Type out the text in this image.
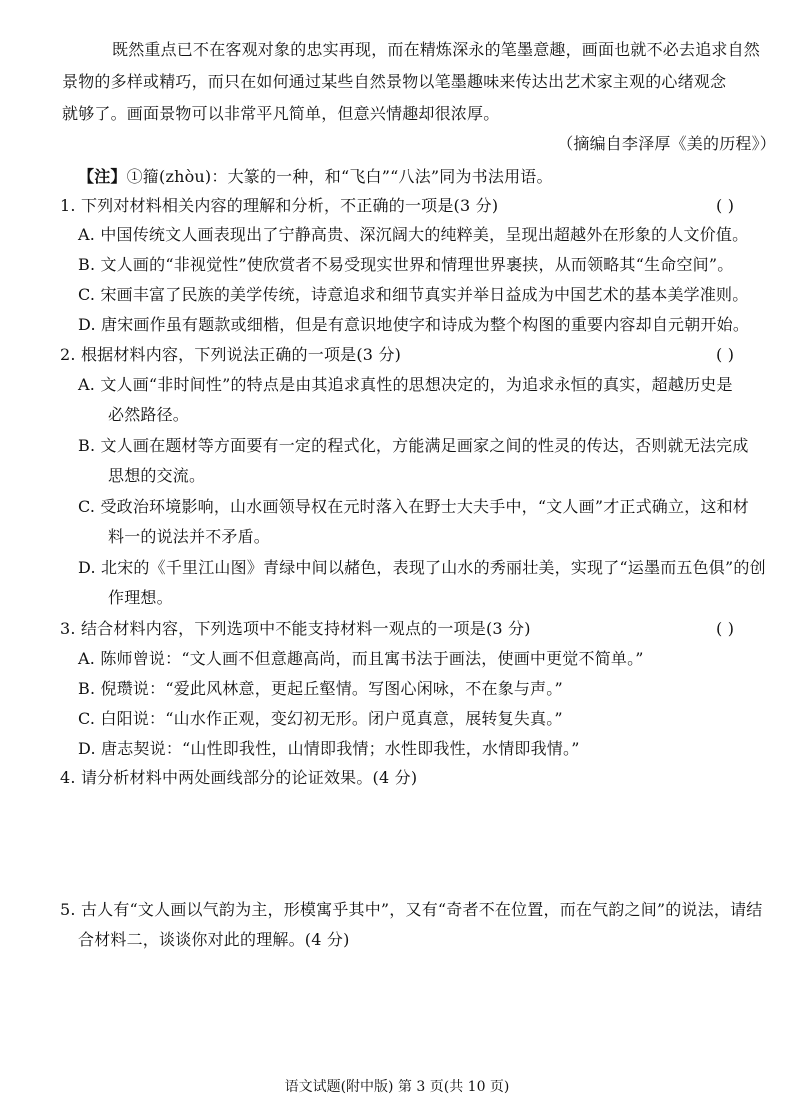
既然重点已不在客观对象的忠实再现，而在精炼深永的笔墨意趣，画面也就不必去追求自然
景物的多样或精巧，而只在如何通过某些自然景物以笔墨趣味来传达出艺术家主观的心绪观念
就够了。画面景物可以非常平凡简单，但意兴情趣却很浓厚。
（摘编自李泽厚《美的历程》）
【注】①籀(zhòu)：大篆的一种，和“飞白”“八法”同为书法用语。
1. 下列对材料相关内容的理解和分析，不正确的一项是(3 分)	( )
A. 中国传统文人画表现出了宁静高贵、深沉阔大的纯粹美，呈现出超越外在形象的人文价值。
B. 文人画的“非视觉性”使欣赏者不易受现实世界和情理世界裹挟，从而领略其“生命空间”。
C. 宋画丰富了民族的美学传统，诗意追求和细节真实并举日益成为中国艺术的基本美学准则。
D. 唐宋画作虽有题款或细楷，但是有意识地使字和诗成为整个构图的重要内容却自元朝开始。
2. 根据材料内容，下列说法正确的一项是(3 分)	( )
A. 文人画“非时间性”的特点是由其追求真性的思想决定的，为追求永恒的真实，超越历史是
必然路径。
B. 文人画在题材等方面要有一定的程式化，方能满足画家之间的性灵的传达，否则就无法完成
思想的交流。
C. 受政治环境影响，山水画领导权在元时落入在野士大夫手中，“文人画”才正式确立，这和材
料一的说法并不矛盾。
D. 北宋的《千里江山图》青绿中间以赭色，表现了山水的秀丽壮美，实现了“运墨而五色俱”的创
作理想。
3. 结合材料内容，下列选项中不能支持材料一观点的一项是(3 分)	( )
A. 陈师曾说：“文人画不但意趣高尚，而且寓书法于画法，使画中更觉不简单。”
B. 倪瓒说：“爱此风林意，更起丘壑情。写图心闲咏，不在象与声。”
C. 白阳说：“山水作正观，变幻初无形。闭户觅真意，展转复失真。”
D. 唐志契说：“山性即我性，山情即我情；水性即我性，水情即我情。”
4. 请分析材料中两处画线部分的论证效果。(4 分)
5. 古人有“文人画以气韵为主，形模寓乎其中”，又有“奇者不在位置，而在气韵之间”的说法，请结
合材料二，谈谈你对此的理解。(4 分)
语文试题(附中版) 第 3 页(共 10 页)
